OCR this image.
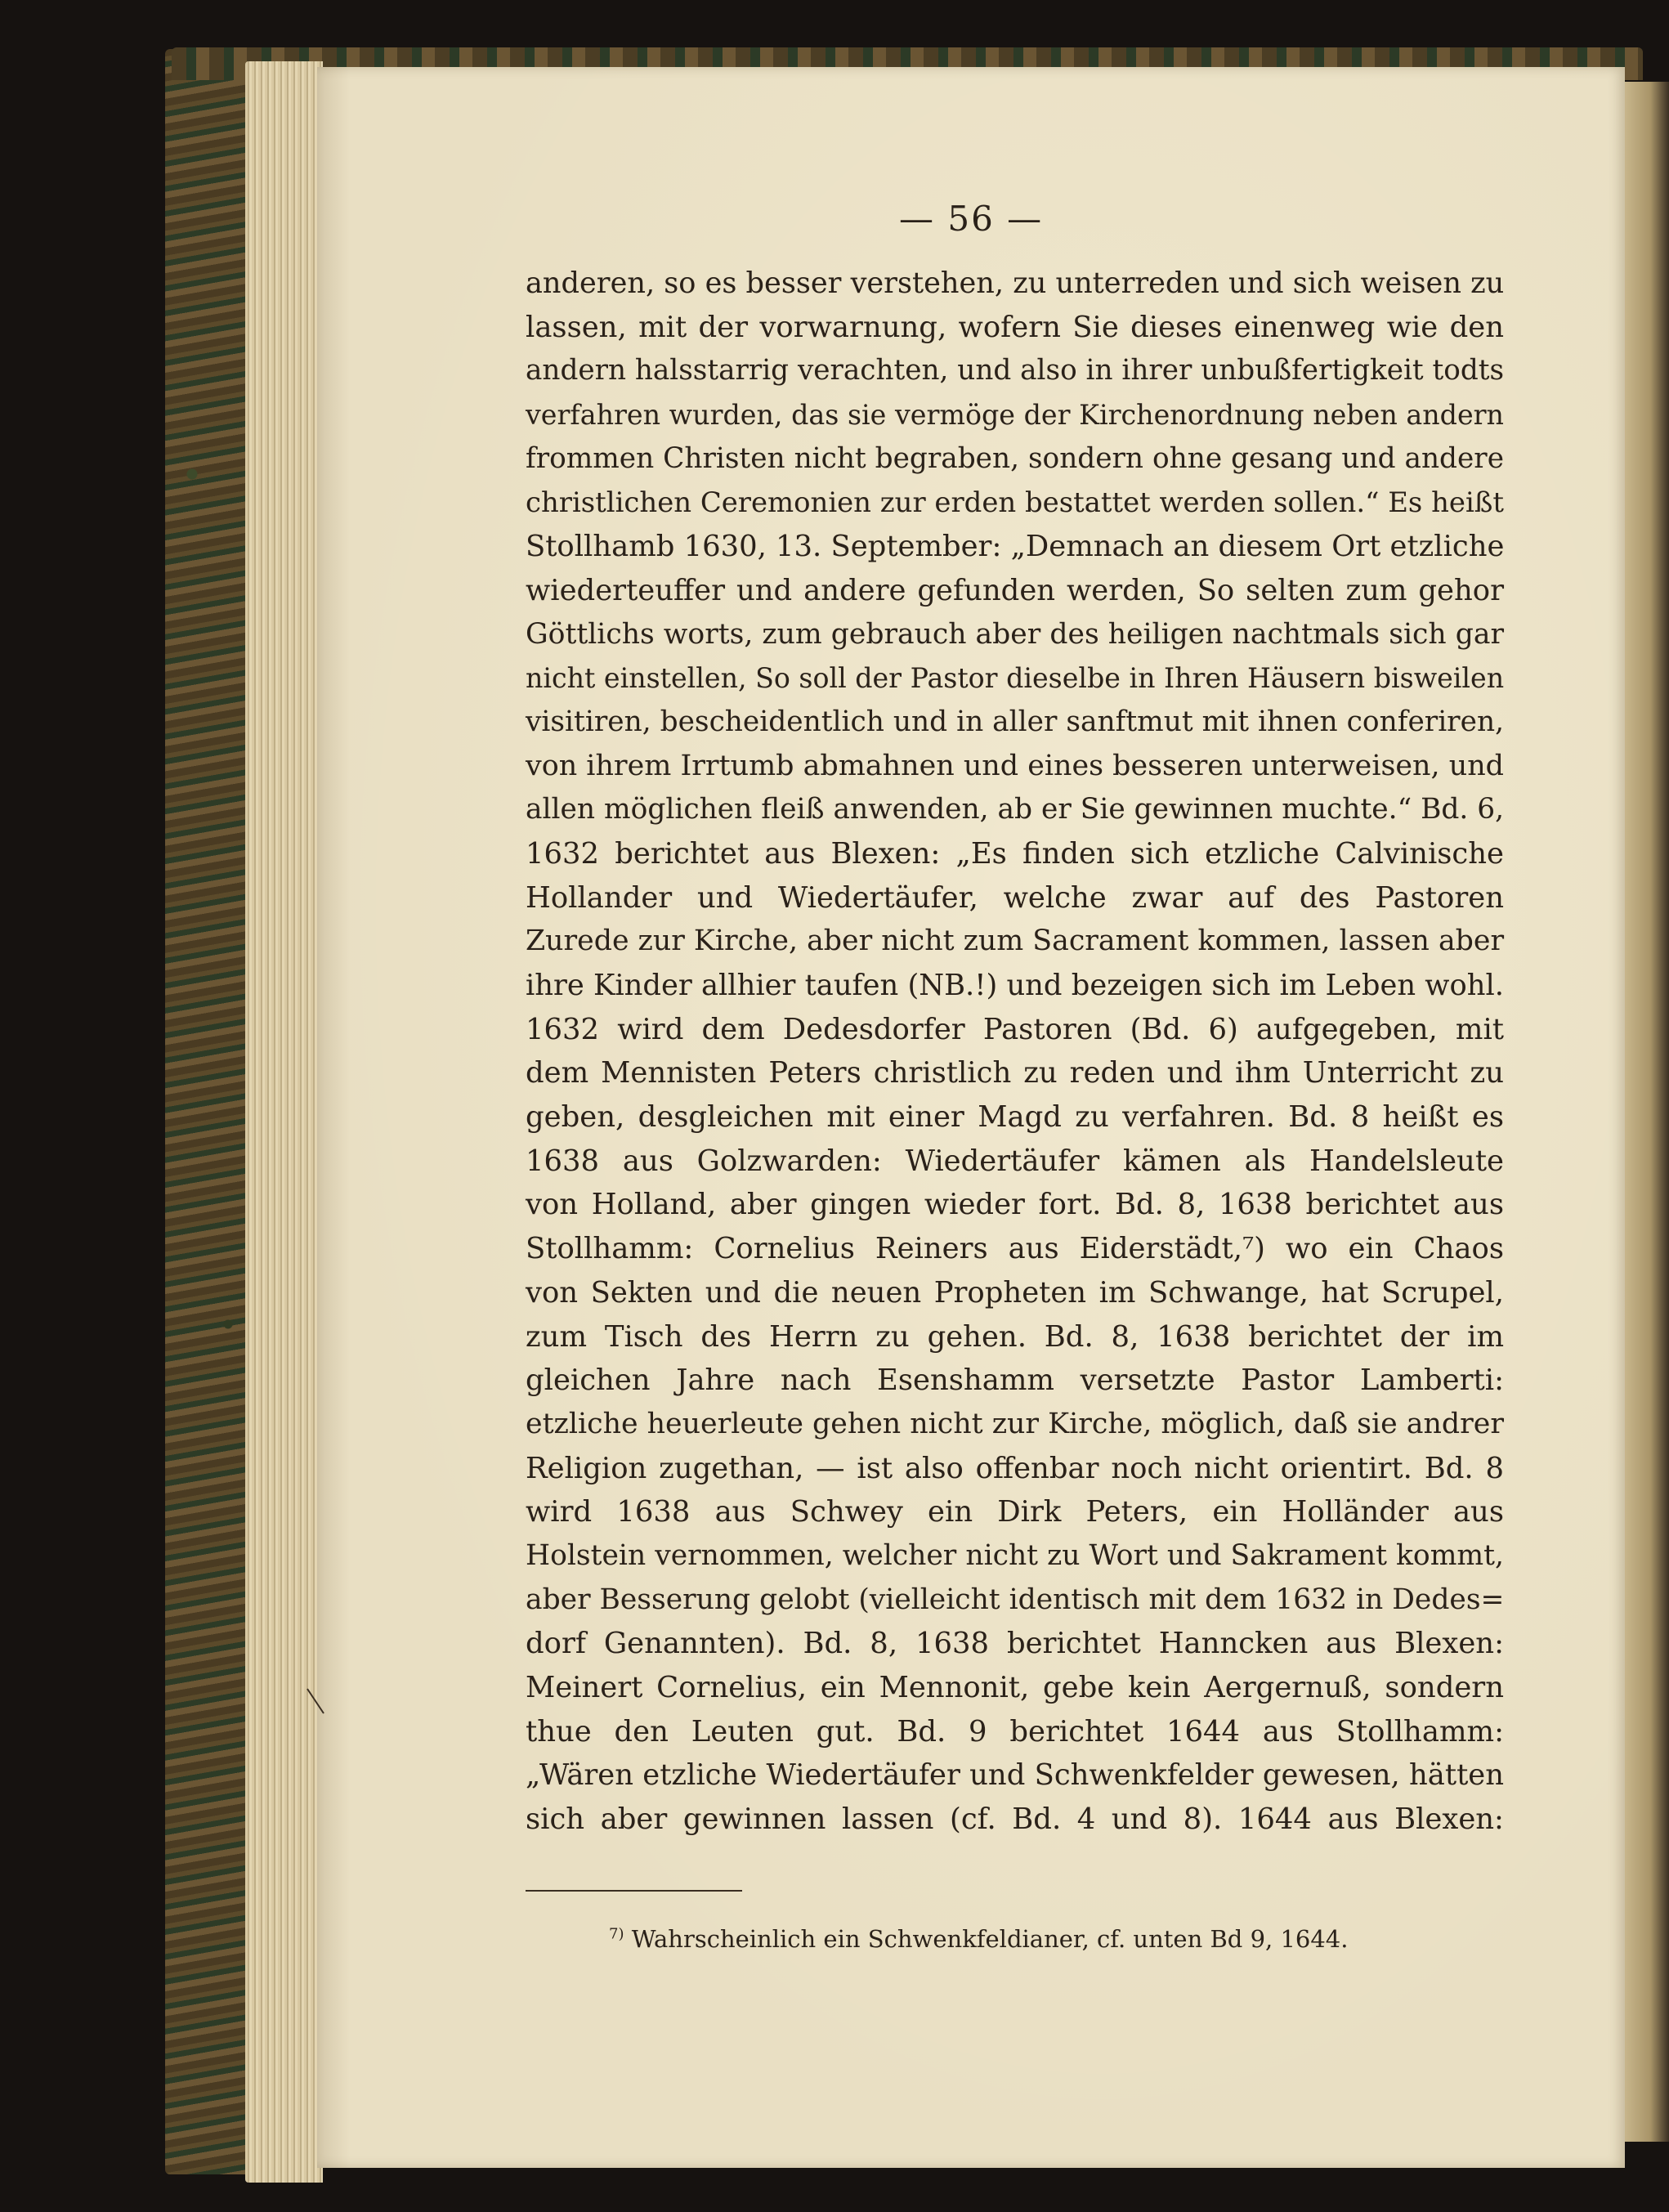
— 56 —
anderen, so es besser verstehen, zu unterreden und sich weisen zu
lassen, mit der vorwarnung, wofern Sie dieses einenweg wie den
andern halsstarrig verachten, und also in ihrer unbußfertigkeit todts
verfahren wurden, das sie vermöge der Kirchenordnung neben andern
frommen Christen nicht begraben, sondern ohne gesang und andere
christlichen Ceremonien zur erden bestattet werden sollen.“ Es heißt
Stollhamb 1630, 13. September: „Demnach an diesem Ort etzliche
wiederteuffer und andere gefunden werden, So selten zum gehor
Göttlichs worts, zum gebrauch aber des heiligen nachtmals sich gar
nicht einstellen, So soll der Pastor dieselbe in Ihren Häusern bisweilen
visitiren, bescheidentlich und in aller sanftmut mit ihnen conferiren,
von ihrem Irrtumb abmahnen und eines besseren unterweisen, und
allen möglichen fleiß anwenden, ab er Sie gewinnen muchte.“ Bd. 6,
1632 berichtet aus Blexen: „Es finden sich etzliche Calvinische
Hollander und Wiedertäufer, welche zwar auf des Pastoren
Zurede zur Kirche, aber nicht zum Sacrament kommen, lassen aber
ihre Kinder allhier taufen (NB.!) und bezeigen sich im Leben wohl.
1632 wird dem Dedesdorfer Pastoren (Bd. 6) aufgegeben, mit
dem Mennisten Peters christlich zu reden und ihm Unterricht zu
geben, desgleichen mit einer Magd zu verfahren. Bd. 8 heißt es
1638 aus Golzwarden: Wiedertäufer kämen als Handelsleute
von Holland, aber gingen wieder fort. Bd. 8, 1638 berichtet aus
Stollhamm: Cornelius Reiners aus Eiderstädt,⁷) wo ein Chaos
von Sekten und die neuen Propheten im Schwange, hat Scrupel,
zum Tisch des Herrn zu gehen. Bd. 8, 1638 berichtet der im
gleichen Jahre nach Esenshamm versetzte Pastor Lamberti:
etzliche heuerleute gehen nicht zur Kirche, möglich, daß sie andrer
Religion zugethan, — ist also offenbar noch nicht orientirt. Bd. 8
wird 1638 aus Schwey ein Dirk Peters, ein Holländer aus
Holstein vernommen, welcher nicht zu Wort und Sakrament kommt,
aber Besserung gelobt (vielleicht identisch mit dem 1632 in Dedes=
dorf Genannten). Bd. 8, 1638 berichtet Hanncken aus Blexen:
Meinert Cornelius, ein Mennonit, gebe kein Aergernuß, sondern
thue den Leuten gut. Bd. 9 berichtet 1644 aus Stollhamm:
„Wären etzliche Wiedertäufer und Schwenkfelder gewesen, hätten
sich aber gewinnen lassen (cf. Bd. 4 und 8). 1644 aus Blexen:
$^{7)}$ Wahrscheinlich ein Schwenkfeldianer, cf. unten Bd 9, 1644.
